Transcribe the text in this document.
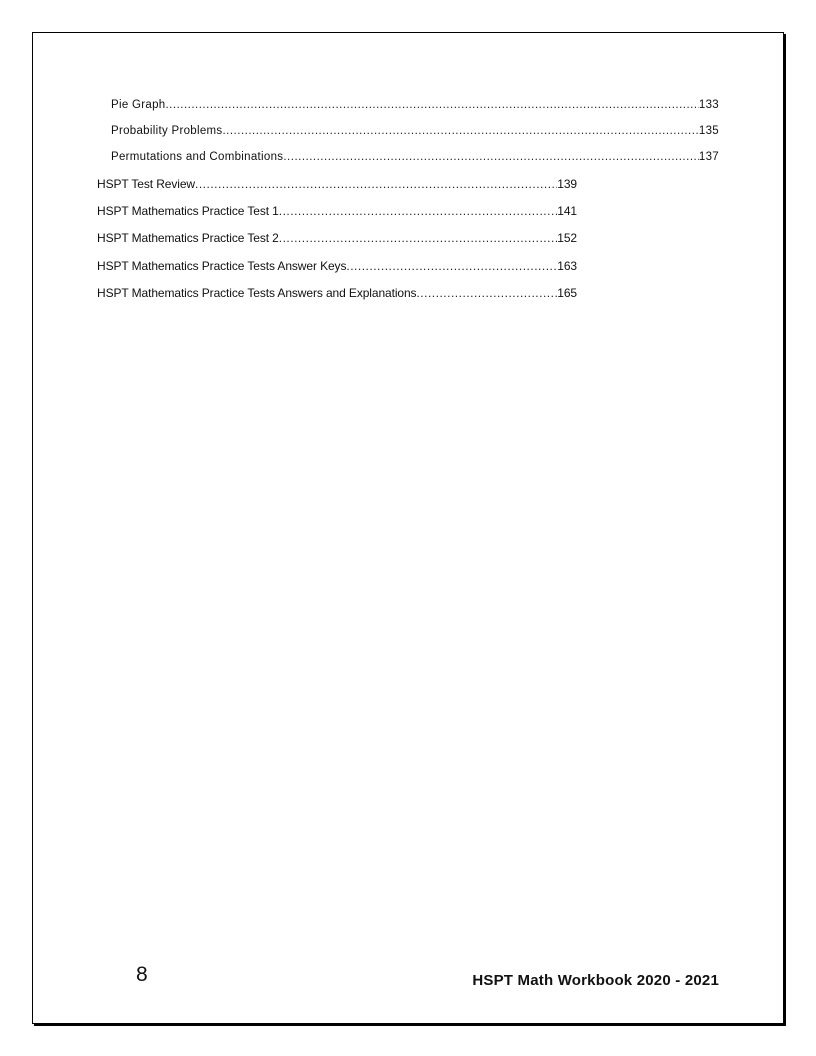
Pie Graph .....	133
Probability Problems .....	135
Permutations and Combinations .....	137
HSPT Test Review .....	139
HSPT Mathematics Practice Test 1 .....	141
HSPT Mathematics Practice Test 2 .....	152
HSPT Mathematics Practice Tests Answer Keys .....	163
HSPT Mathematics Practice Tests Answers and Explanations .....	165
8	HSPT Math Workbook 2020 - 2021
